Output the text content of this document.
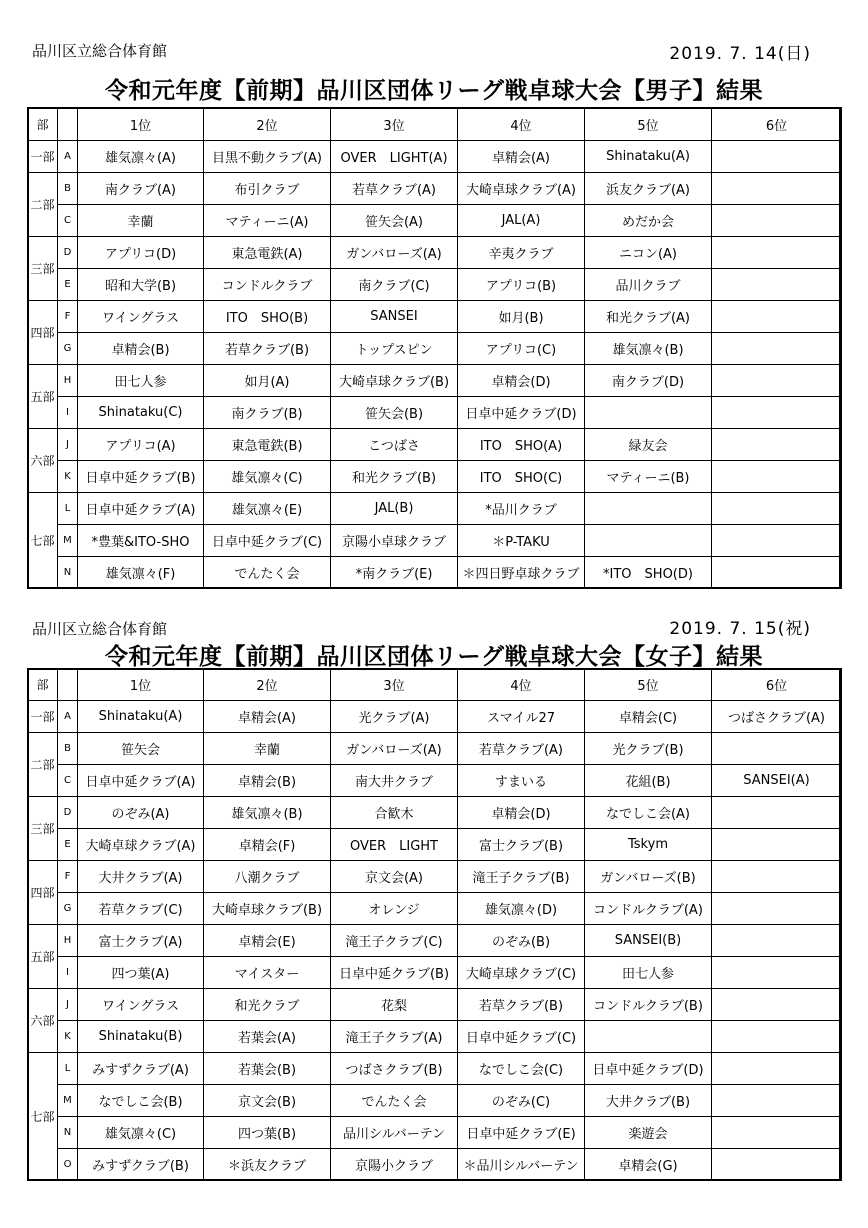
品川区立総合体育館	2019. 7. 14(日)
令和元年度【前期】品川区団体リーグ戦卓球大会【男子】結果
部		1位	2位	3位	4位	5位	6位
一部	A	雄気凛々(A)	目黒不動クラブ(A)	OVER　LIGHT(A)	卓精会(A)	Shinataku(A)	
二部	B	南クラブ(A)	布引クラブ	若草クラブ(A)	大崎卓球クラブ(A)	浜友クラブ(A)	
	C	幸蘭	マティーニ(A)	笹矢会(A)	JAL(A)	めだか会	
三部	D	アプリコ(D)	東急電鉄(A)	ガンバローズ(A)	辛夷クラブ	ニコン(A)	
	E	昭和大学(B)	コンドルクラブ	南クラブ(C)	アプリコ(B)	品川クラブ	
四部	F	ワイングラス	ITO　SHO(B)	SANSEI	如月(B)	和光クラブ(A)	
	G	卓精会(B)	若草クラブ(B)	トップスピン	アプリコ(C)	雄気凛々(B)	
五部	H	田七人参	如月(A)	大崎卓球クラブ(B)	卓精会(D)	南クラブ(D)	
	I	Shinataku(C)	南クラブ(B)	笹矢会(B)	日卓中延クラブ(D)		
六部	J	アプリコ(A)	東急電鉄(B)	こつばさ	ITO　SHO(A)	緑友会	
	K	日卓中延クラブ(B)	雄気凛々(C)	和光クラブ(B)	ITO　SHO(C)	マティーニ(B)	
七部	L	日卓中延クラブ(A)	雄気凛々(E)	JAL(B)	*品川クラブ		
	M	*豊葉&ITO-SHO	日卓中延クラブ(C)	京陽小卓球クラブ	＊P-TAKU		
	N	雄気凛々(F)	でんたく会	*南クラブ(E)	＊四日野卓球クラブ	*ITO　SHO(D)	
品川区立総合体育館	2019. 7. 15(祝)
令和元年度【前期】品川区団体リーグ戦卓球大会【女子】結果
部		1位	2位	3位	4位	5位	6位
一部	A	Shinataku(A)	卓精会(A)	光クラブ(A)	スマイル27	卓精会(C)	つばさクラブ(A)
二部	B	笹矢会	幸蘭	ガンバローズ(A)	若草クラブ(A)	光クラブ(B)	
	C	日卓中延クラブ(A)	卓精会(B)	南大井クラブ	すまいる	花組(B)	SANSEI(A)
三部	D	のぞみ(A)	雄気凛々(B)	合歓木	卓精会(D)	なでしこ会(A)	
	E	大崎卓球クラブ(A)	卓精会(F)	OVER　LIGHT	富士クラブ(B)	Tskym	
四部	F	大井クラブ(A)	八潮クラブ	京文会(A)	滝王子クラブ(B)	ガンバローズ(B)	
	G	若草クラブ(C)	大崎卓球クラブ(B)	オレンジ	雄気凛々(D)	コンドルクラブ(A)	
五部	H	富士クラブ(A)	卓精会(E)	滝王子クラブ(C)	のぞみ(B)	SANSEI(B)	
	I	四つ葉(A)	マイスター	日卓中延クラブ(B)	大崎卓球クラブ(C)	田七人参	
六部	J	ワイングラス	和光クラブ	花梨	若草クラブ(B)	コンドルクラブ(B)	
	K	Shinataku(B)	若葉会(A)	滝王子クラブ(A)	日卓中延クラブ(C)		
七部	L	みすずクラブ(A)	若葉会(B)	つばさクラブ(B)	なでしこ会(C)	日卓中延クラブ(D)	
	M	なでしこ会(B)	京文会(B)	でんたく会	のぞみ(C)	大井クラブ(B)	
	N	雄気凛々(C)	四つ葉(B)	品川シルバーテン	日卓中延クラブ(E)	楽遊会	
	O	みすずクラブ(B)	＊浜友クラブ	京陽小クラブ	＊品川シルバーテン	卓精会(G)	
